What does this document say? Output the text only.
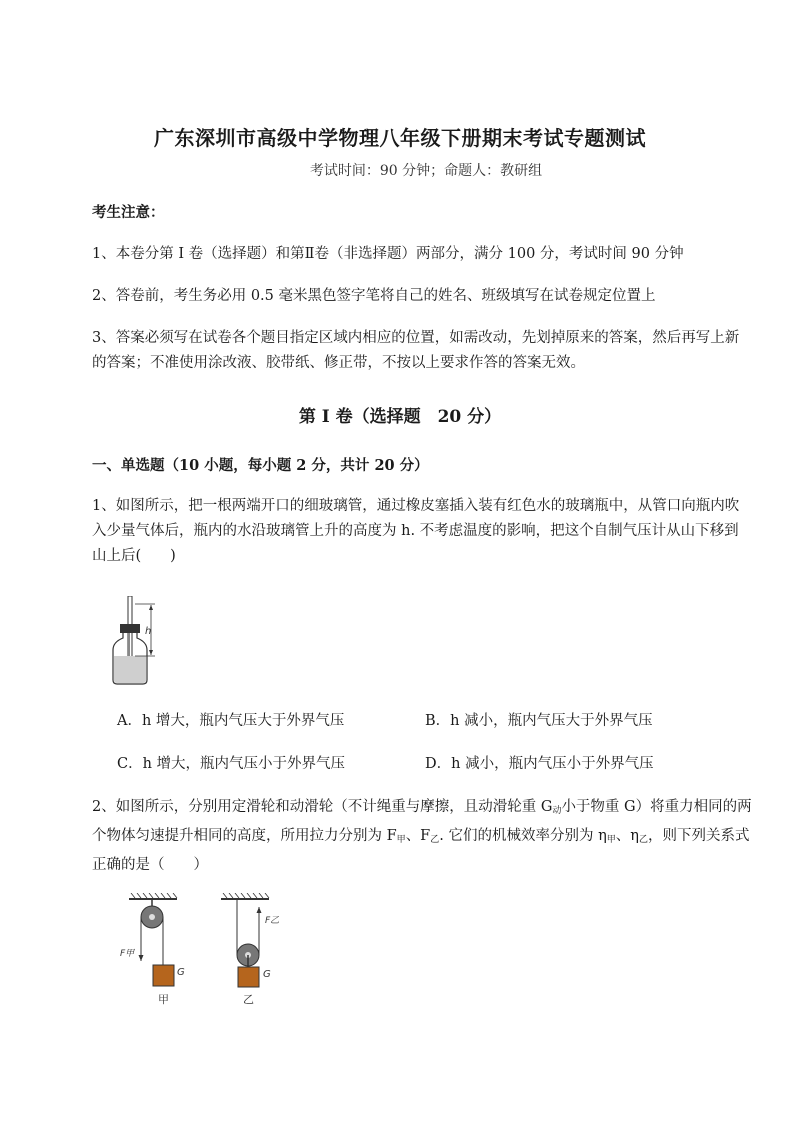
广东深圳市高级中学物理八年级下册期末考试专题测试
考试时间：90 分钟；命题人：教研组
考生注意：
1、本卷分第 I 卷（选择题）和第Ⅱ卷（非选择题）两部分，满分 100 分，考试时间 90 分钟
2、答卷前，考生务必用 0.5 毫米黑色签字笔将自己的姓名、班级填写在试卷规定位置上
3、答案必须写在试卷各个题目指定区域内相应的位置，如需改动，先划掉原来的答案，然后再写上新的答案；不准使用涂改液、胶带纸、修正带，不按以上要求作答的答案无效。
第 I 卷（选择题　20 分）
一、单选题（10 小题，每小题 2 分，共计 20 分）
1、如图所示，把一根两端开口的细玻璃管，通过橡皮塞插入装有红色水的玻璃瓶中，从管口向瓶内吹入少量气体后，瓶内的水沿玻璃管上升的高度为 h. 不考虑温度的影响，把这个自制气压计从山下移到山上后(　　)
h
A．h 增大，瓶内气压大于外界气压	B．h 减小，瓶内气压大于外界气压
C．h 增大，瓶内气压小于外界气压	D．h 减小，瓶内气压小于外界气压
2、如图所示，分别用定滑轮和动滑轮（不计绳重与摩擦，且动滑轮重 $G_动$小于物重 G）将重力相同的两个物体匀速提升相同的高度，所用拉力分别为 $F_甲$、$F_乙$. 它们的机械效率分别为 $\eta_甲$、$\eta_乙$，则下列关系式正确的是（　　）
G
F甲
甲
G
F乙
乙
